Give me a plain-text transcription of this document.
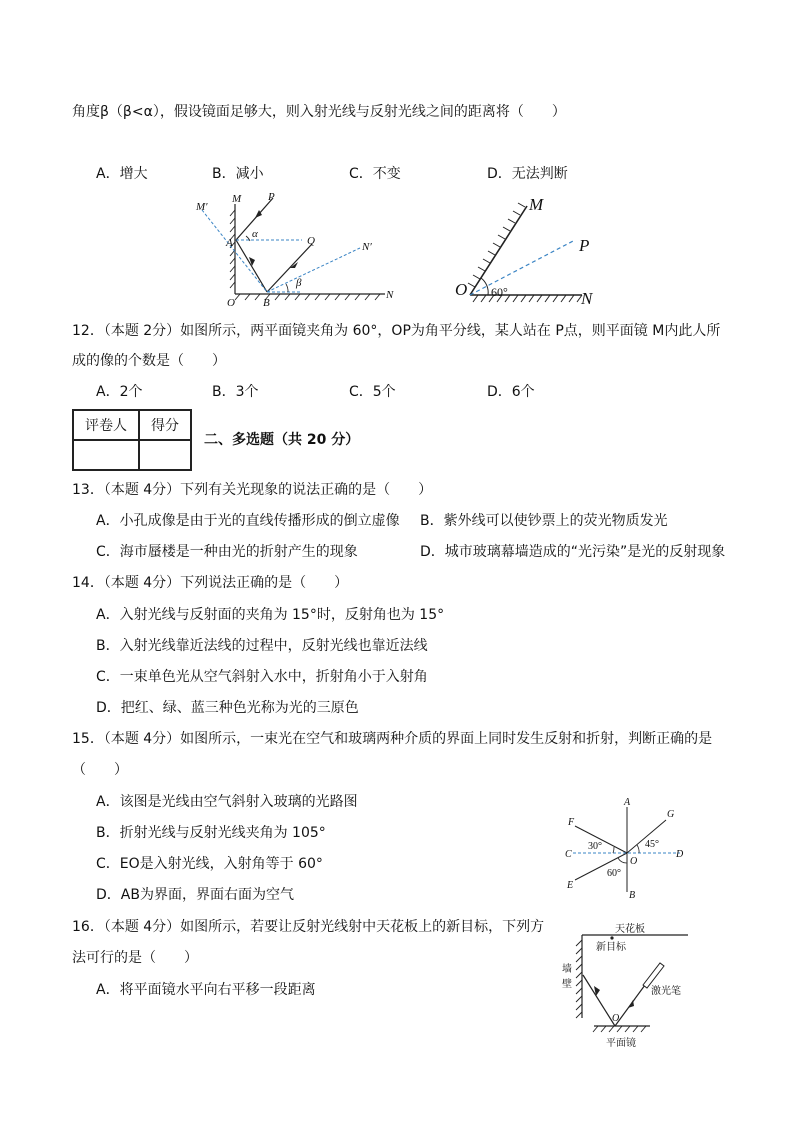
角度β（β<α），假设镜面足够大，则入射光线与反射光线之间的距离将（　　）
A．增大	B．减小	C．不变	D．无法判断
M′
M P
A
α
Q	N′
β
O	B
N
M
P
O	N
60°
12．（本题 2分）如图所示，两平面镜夹角为 60°，OP为角平分线，某人站在 P点，则平面镜 M内此人所
成的像的个数是（　　）
A．2个	B．3个	C．5个	D．6个
评卷人	得分

二、多选题（共 20 分）
13．（本题 4分）下列有关光现象的说法正确的是（　　）
A．小孔成像是由于光的直线传播形成的倒立虚像 B．紫外线可以使钞票上的荧光物质发光
C．海市蜃楼是一种由光的折射产生的现象	D．城市玻璃幕墙造成的“光污染”是光的反射现象
14．（本题 4分）下列说法正确的是（　　）
A．入射光线与反射面的夹角为 15°时，反射角也为 15°
B．入射光线靠近法线的过程中，反射光线也靠近法线
C．一束单色光从空气斜射入水中，折射角小于入射角
D．把红、绿、蓝三种色光称为光的三原色
15．（本题 4分）如图所示，一束光在空气和玻璃两种介质的界面上同时发生反射和折射，判断正确的是
（　　）
A．该图是光线由空气斜射入玻璃的光路图
B．折射光线与反射光线夹角为 105°
C．EO是入射光线，入射角等于 60°
D．AB为界面，界面右面为空气
A
G
F
C	D
O
E
B
30°	45°
60°
16．（本题 4分）如图所示，若要让反射光线射中天花板上的新目标，下列方
法可行的是（　　）
A．将平面镜水平向右平移一段距离
天花板
新目标
墙
壁
激光笔
平面镜
O
